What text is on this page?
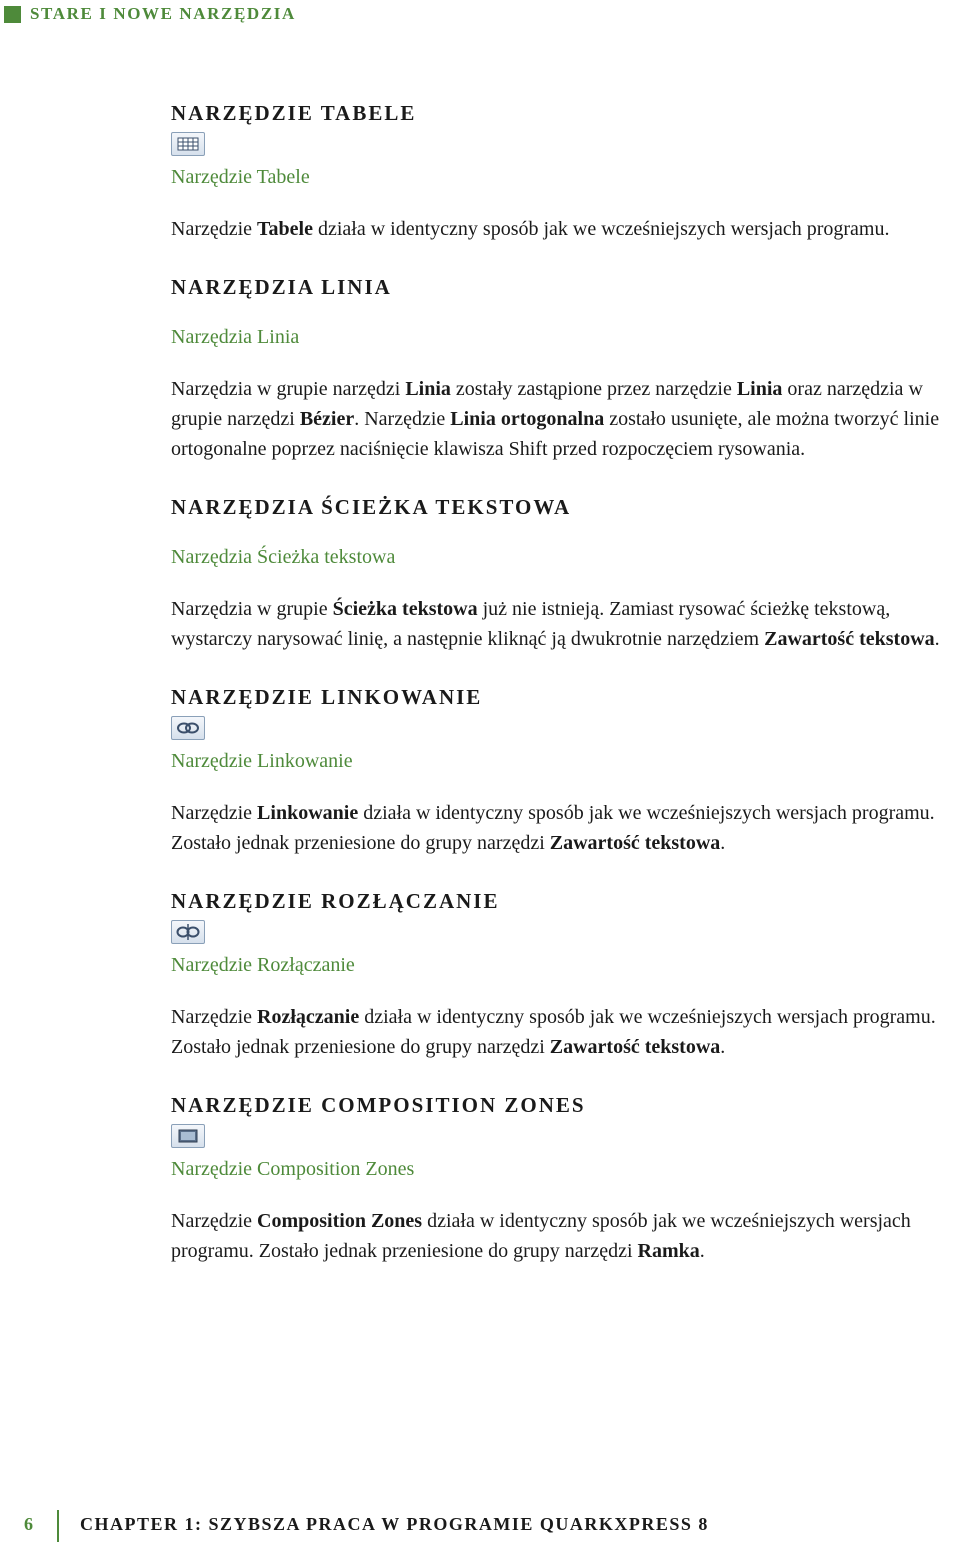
STARE I NOWE NARZĘDZIA
NARZĘDZIE TABELE
Narzędzie Tabele

Narzędzie Tabele działa w identyczny sposób jak we wcześniejszych wersjach programu.

NARZĘDZIA LINIA
Narzędzia Linia

Narzędzia w grupie narzędzi Linia zostały zastąpione przez narzędzie Linia oraz narzędzia w grupie narzędzi Bézier. Narzędzie Linia ortogonalna zostało usunięte, ale można tworzyć linie ortogonalne poprzez naciśnięcie klawisza Shift przed rozpoczęciem rysowania.

NARZĘDZIA ŚCIEŻKA TEKSTOWA
Narzędzia Ścieżka tekstowa

Narzędzia w grupie Ścieżka tekstowa już nie istnieją. Zamiast rysować ścieżkę tekstową, wystarczy narysować linię, a następnie kliknąć ją dwukrotnie narzędziem Zawartość tekstowa.

NARZĘDZIE LINKOWANIE
Narzędzie Linkowanie

Narzędzie Linkowanie działa w identyczny sposób jak we wcześniejszych wersjach programu. Zostało jednak przeniesione do grupy narzędzi Zawartość tekstowa.

NARZĘDZIE ROZŁĄCZANIE
Narzędzie Rozłączanie

Narzędzie Rozłączanie działa w identyczny sposób jak we wcześniejszych wersjach programu. Zostało jednak przeniesione do grupy narzędzi Zawartość tekstowa.

NARZĘDZIE COMPOSITION ZONES
Narzędzie Composition Zones

Narzędzie Composition Zones działa w identyczny sposób jak we wcześniejszych wersjach programu. Zostało jednak przeniesione do grupy narzędzi Ramka.

6	CHAPTER 1: SZYBSZA PRACA W PROGRAMIE QUARKXPRESS 8
